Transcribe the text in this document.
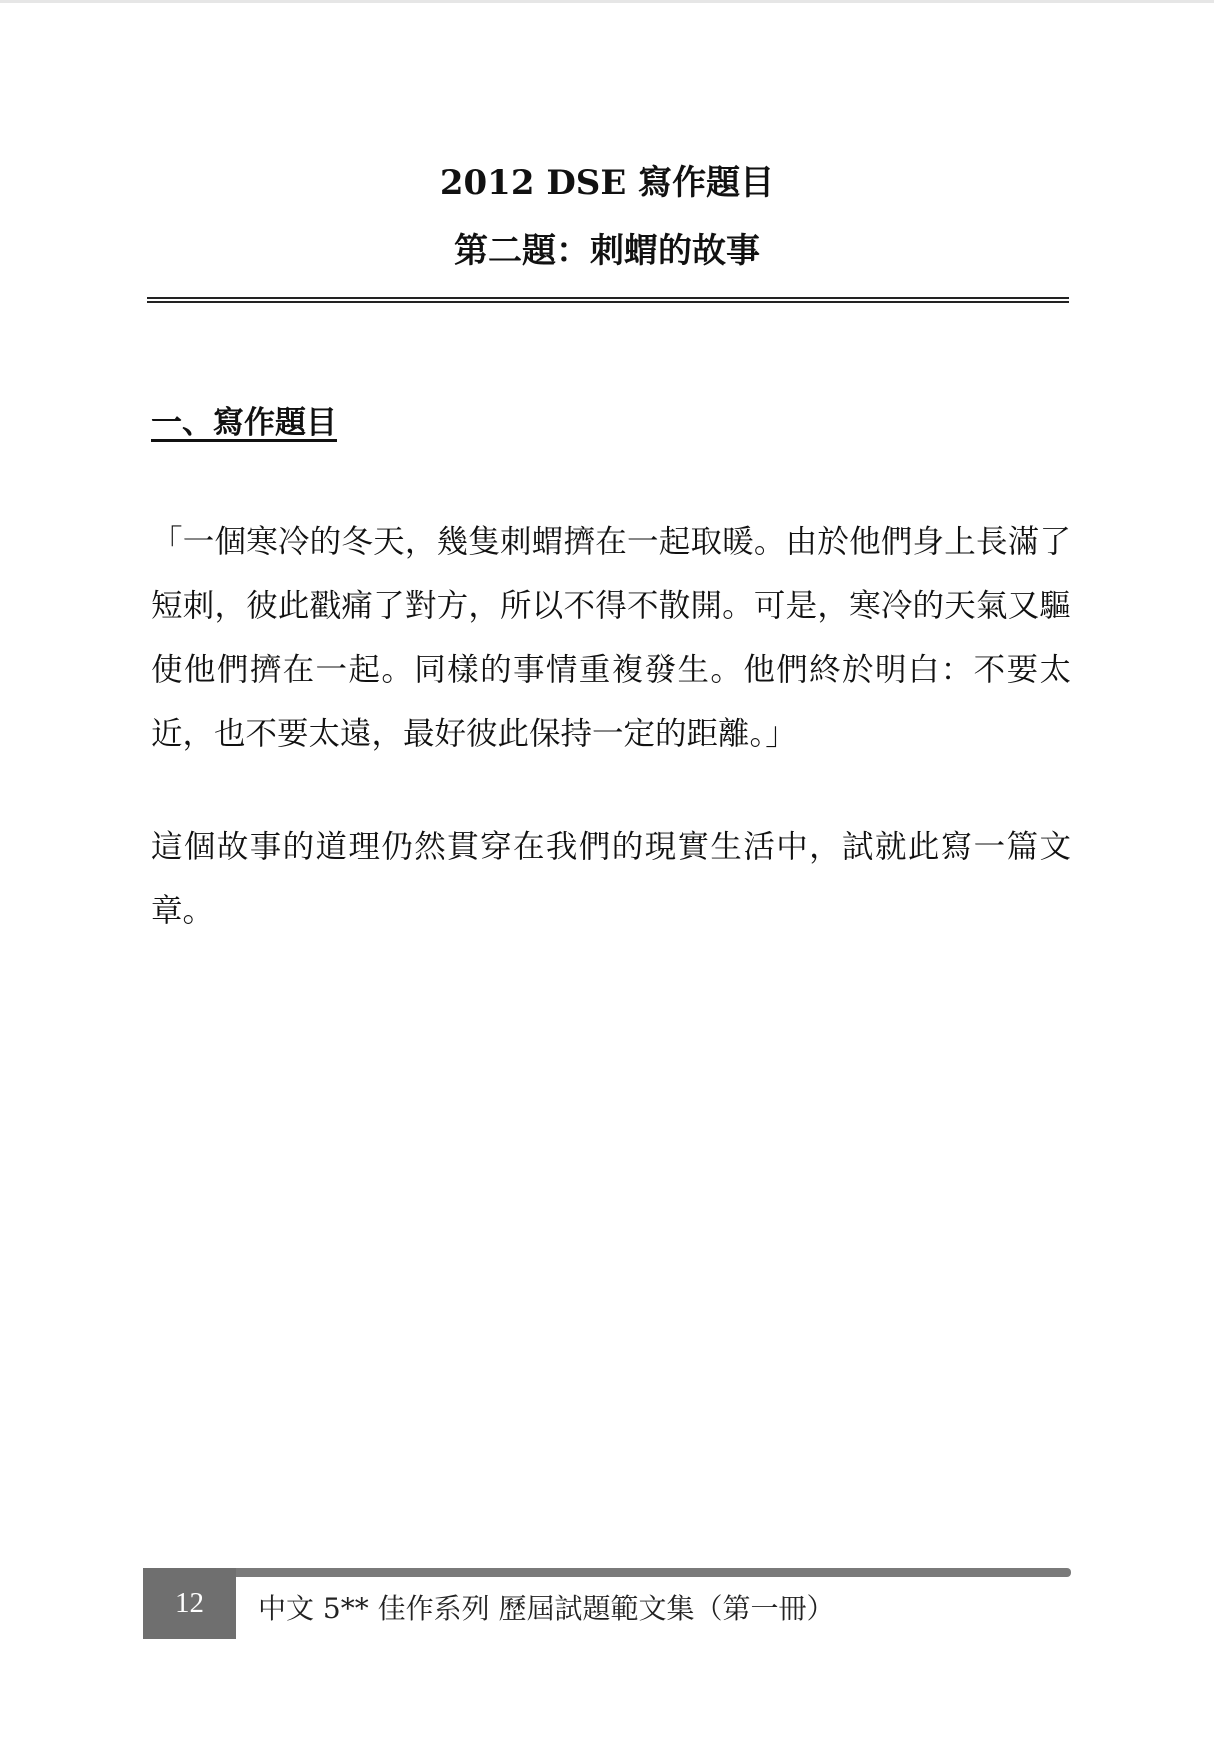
2012 DSE 寫作題目
第二題：刺蝟的故事
一、寫作題目

「一個寒冷的冬天，幾隻刺蝟擠在一起取暖。由於他們身上長滿了短刺，彼此戳痛了對方，所以不得不散開。可是，寒冷的天氣又驅使他們擠在一起。同樣的事情重複發生。他們終於明白：不要太近，也不要太遠，最好彼此保持一定的距離。」

這個故事的道理仍然貫穿在我們的現實生活中，試就此寫一篇文章。

12	中文 5** 佳作系列 歷屆試題範文集（第一冊）
